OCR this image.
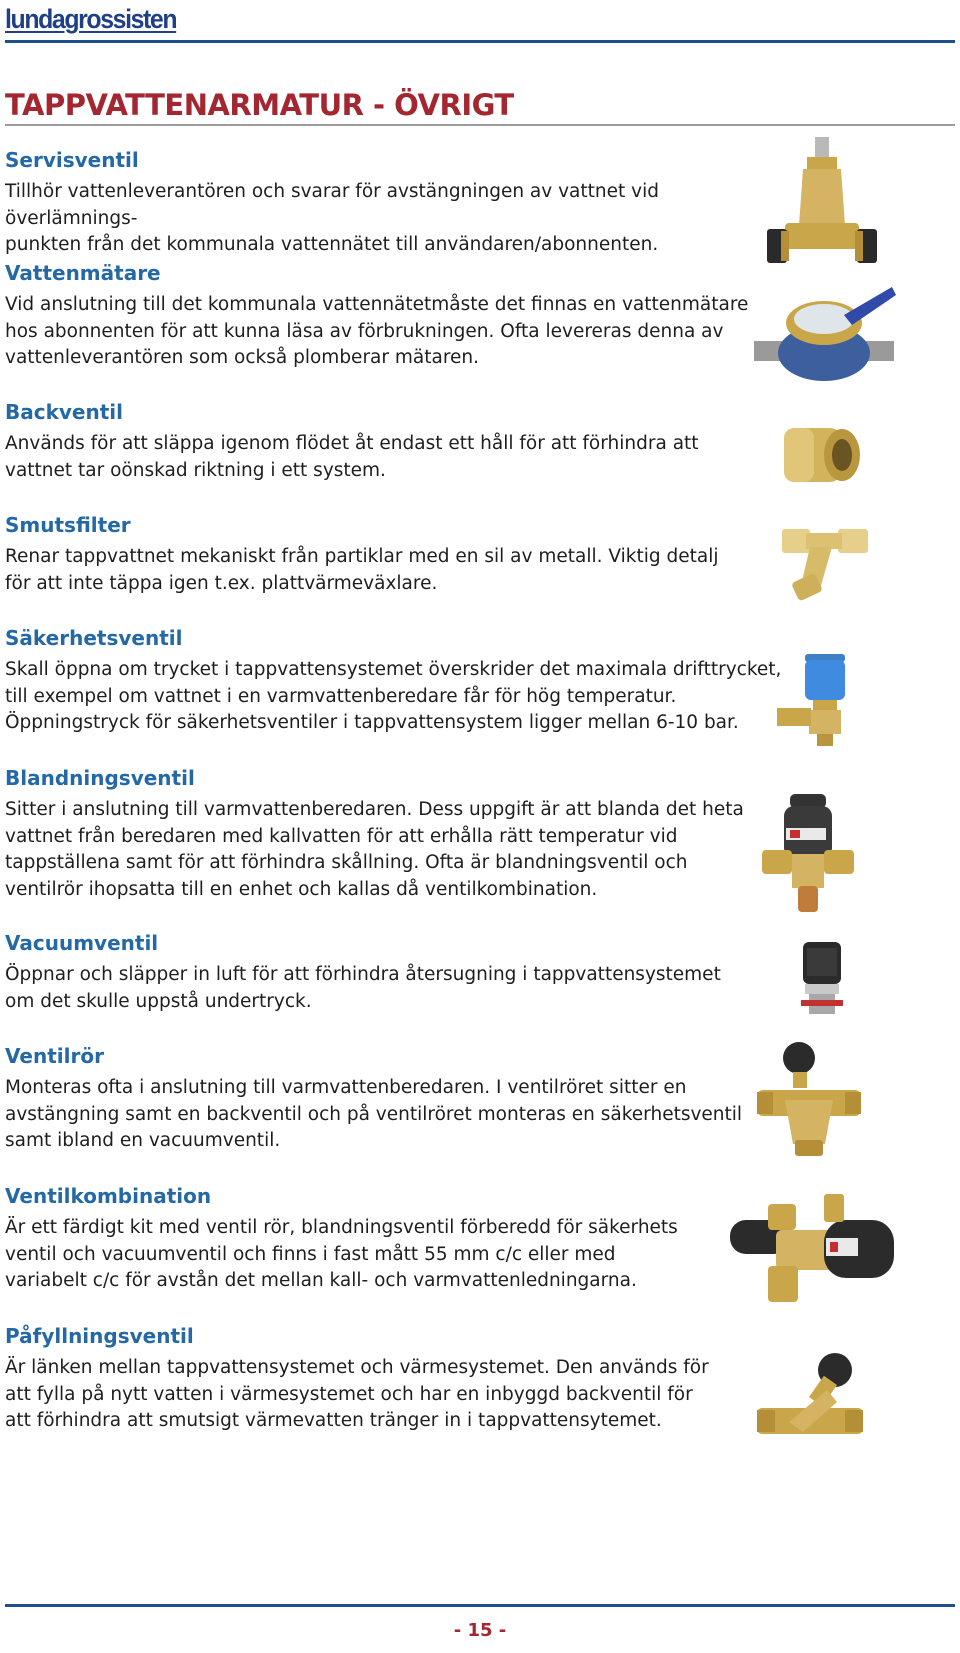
lundagrossisten
TAPPVATTENARMATUR - ÖVRIGT
Servisventil

Tillhör vattenleverantören och svarar för avstängningen av vattnet vid överlämnings-
punkten från det kommunala vattennätet till användaren/abonnenten.

Vattenmätare

Vid anslutning till det kommunala vattennätetmåste det finnas en vattenmätare
hos abonnenten för att kunna läsa av förbrukningen. Ofta levereras denna av
vattenleverantören som också plomberar mätaren.

Backventil

Används för att släppa igenom flödet åt endast ett håll för att förhindra att
vattnet tar oönskad riktning i ett system.

Smutsfilter

Renar tappvattnet mekaniskt från partiklar med en sil av metall. Viktig detalj
för att inte täppa igen t.ex. plattvärmeväxlare.

Säkerhetsventil

Skall öppna om trycket i tappvattensystemet överskrider det maximala drifttrycket,
till exempel om vattnet i en varmvattenberedare får för hög temperatur.
Öppningstryck för säkerhetsventiler i tappvattensystem ligger mellan 6-10 bar.

Blandningsventil

Sitter i anslutning till varmvattenberedaren. Dess uppgift är att blanda det heta
vattnet från beredaren med kallvatten för att erhålla rätt temperatur vid
tappställena samt för att förhindra skållning. Ofta är blandningsventil och
ventilrör ihopsatta till en enhet och kallas då ventilkombination.

Vacuumventil

Öppnar och släpper in luft för att förhindra återsugning i tappvattensystemet
om det skulle uppstå undertryck.

Ventilrör

Monteras ofta i anslutning till varmvattenberedaren. I ventilröret sitter en
avstängning samt en backventil och på ventilröret monteras en säkerhetsventil
samt ibland en vacuumventil.

Ventilkombination

Är ett färdigt kit med ventil rör, blandningsventil förberedd för säkerhets
ventil och vacuumventil och finns i fast mått 55 mm c/c eller med
variabelt c/c för avstån det mellan kall- och varmvattenledningarna.

Påfyllningsventil

Är länken mellan tappvattensystemet och värmesystemet. Den används för
att fylla på nytt vatten i värmesystemet och har en inbyggd backventil för
att förhindra att smutsigt värmevatten tränger in i tappvattensytemet.

- 15 -
